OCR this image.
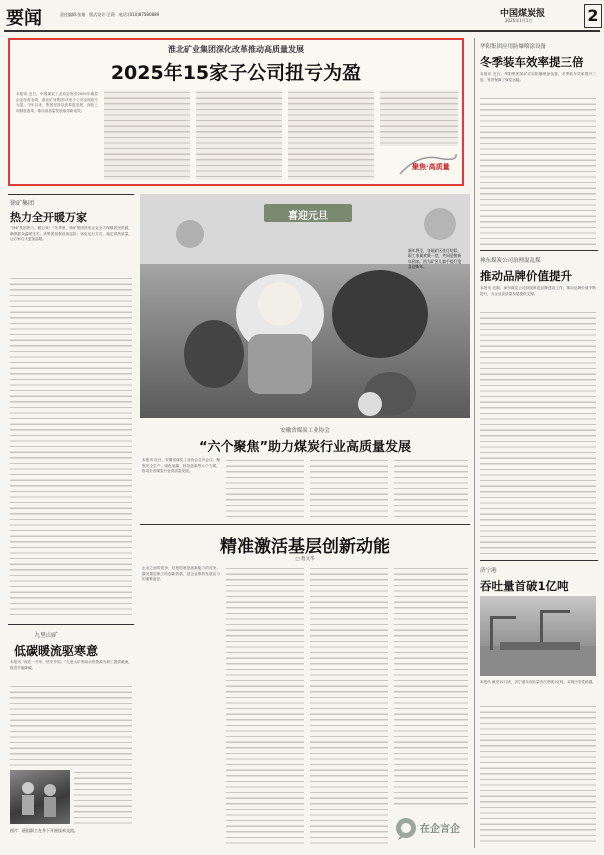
要闻	责任编辑:张翔　版式设计:王莉　电话:(010)87580889	中国煤炭报
2025年1月1日	2
淮北矿业集团深化改革推动高质量发展
2025年15家子公司扭亏为盈
本报讯 近日，中国煤炭工业协会发布2025年煤炭企业经营业绩，淮北矿业集团15家子公司实现扭亏为盈。今年以来，集团坚持以改革促发展，深化三项制度改革，推动高质量发展取得新成效。
聚焦·高质量
徐矿集团
热力全开暖万家
“徐矿集团热力，暖万家！”冬季里，徐矿集团热电企业全力保障居民供暖，确保群众温暖过冬。该集团加强设备巡检，优化运行方式，稳定供热质量，让万家灯火更加温暖。
九里山矿
低碳暖流驱寒意
本报讯 “现在一开车，热乎乎的。”九里山矿利用余热资源为职工提供暖流，推进节能降碳。
图片：班组职工在井下开展技术交流。
喜迎元旦
新年将至，各地矿区张灯结彩，职工家属欢聚一堂，共同迎接新年到来。图为矿区儿童手提灯笼喜迎新年。
安徽省煤炭工业协会
“六个聚焦”助力煤炭行业高质量发展
本报讯 近日，安徽省煤炭工业协会召开会议，聚焦安全生产、绿色低碳、科技创新等六个方面，推动全省煤炭行业高质量发展。
精准激活基层创新动能
□ 程文华
企业之间的竞争，归根结底是创新能力的竞争。激发基层职工的创新热情，是企业保持发展活力的重要途径。
在企言企
华阳集团应用防爆喷涂设备
冬季装车效率提三倍
本报讯 近日，华阳集团某矿应用防爆喷涂设备，冬季装车效率提升三倍，有效保障了煤炭运输。
神东煤炭公司治理混乱煤
推动品牌价值提升
本报讯 近期，神东煤炭公司持续推进品牌建设工作，推动品牌价值不断提升，为企业高质量发展提供支撑。
济宁港
吞吐量首破1亿吨
本报讯 截至12月底，济宁港年吞吐量首次突破1亿吨，实现历史性跨越。
